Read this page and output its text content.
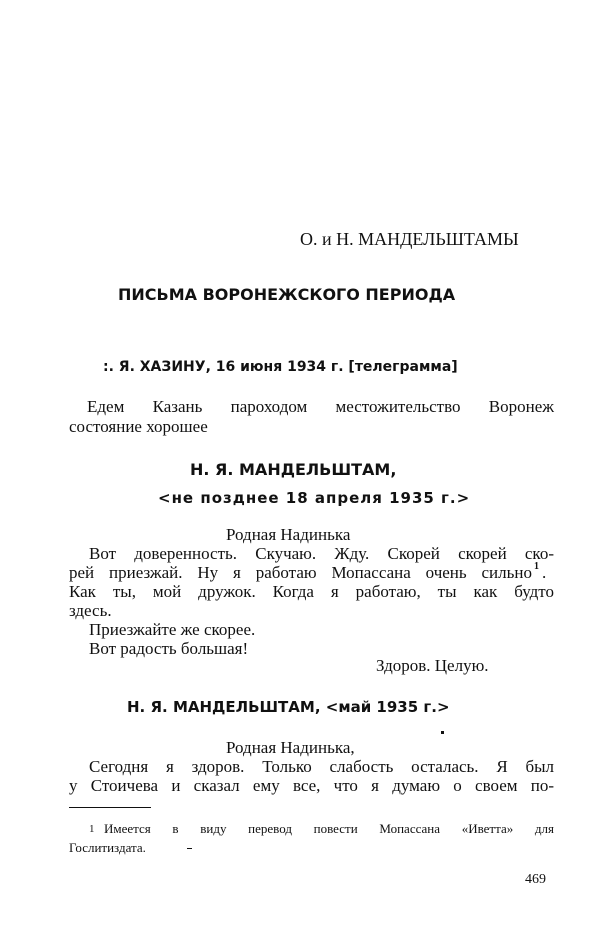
О. и Н. МАНДЕЛЬШТАМЫ
ПИСЬМА ВОРОНЕЖСКОГО ПЕРИОДА
:. Я. ХАЗИНУ, 16 июня 1934 г. [телеграмма]
Едем Казань пароходом местожительство Воронеж
состояние хорошее
Н. Я. МАНДЕЛЬШТАМ,
<не позднее 18 апреля 1935 г.>
Родная Надинька
Вот доверенность. Скучаю. Жду. Скорей скорей ско-
рей приезжай. Ну я работаю Мопассана очень сильно 1 .
Как ты, мой дружок. Когда я работаю, ты как будто
здесь.
Приезжайте же скорее.
Вот радость большая!
Здоров. Целую.
Н. Я. МАНДЕЛЬШТАМ, <май 1935 г.>
Родная Надинька,
Сегодня я здоров. Только слабость осталась. Я был
у Стоичева и сказал ему все, что я думаю о своем по-
1 Имеется в виду перевод повести Мопассана «Иветта» для
Гослитиздата.
469
